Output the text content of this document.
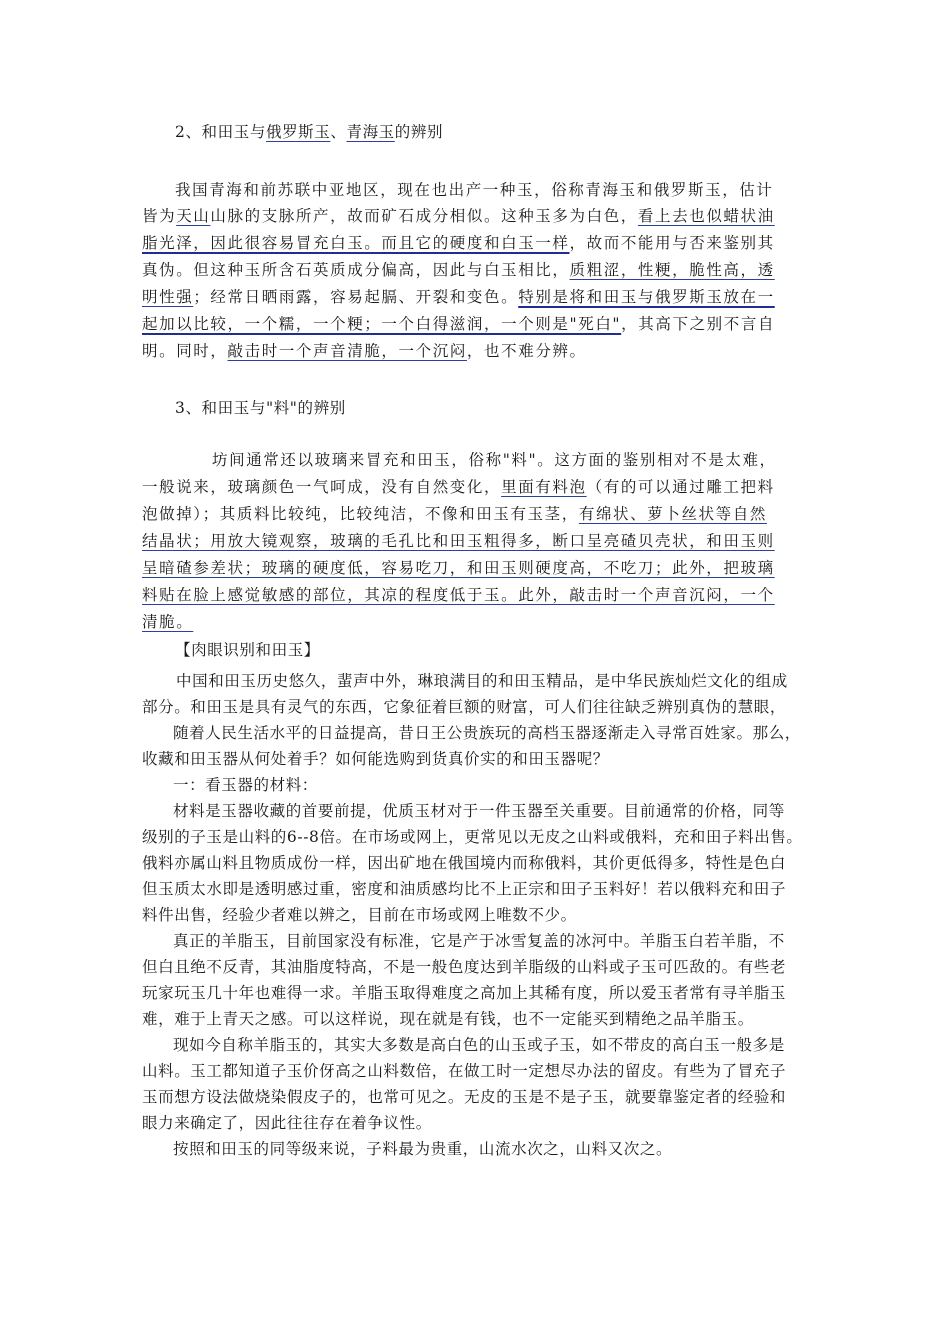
2、和田玉与俄罗斯玉、青海玉的辨别
我国青海和前苏联中亚地区，现在也出产一种玉，俗称青海玉和俄罗斯玉，估计
皆为天山山脉的支脉所产，故而矿石成分相似。这种玉多为白色，看上去也似蜡状油
脂光泽，因此很容易冒充白玉。而且它的硬度和白玉一样，故而不能用与否来鉴别其
真伪。但这种玉所含石英质成分偏高，因此与白玉相比，质粗涩，性粳，脆性高，透
明性强；经常日晒雨露，容易起膈、开裂和变色。特别是将和田玉与俄罗斯玉放在一
起加以比较，一个糯，一个粳；一个白得滋润，一个则是"死白"，其高下之别不言自
明。同时，敲击时一个声音清脆，一个沉闷，也不难分辨。
3、和田玉与"料"的辨别
坊间通常还以玻璃来冒充和田玉，俗称"料"。这方面的鉴别相对不是太难，
一般说来，玻璃颜色一气呵成，没有自然变化，里面有料泡（有的可以通过雕工把料
泡做掉）；其质料比较纯，比较纯洁，不像和田玉有玉茎，有绵状、萝卜丝状等自然
结晶状；用放大镜观察，玻璃的毛孔比和田玉粗得多，断口呈亮碴贝壳状，和田玉则
呈暗碴参差状；玻璃的硬度低，容易吃刀，和田玉则硬度高，不吃刀；此外，把玻璃
料贴在脸上感觉敏感的部位，其凉的程度低于玉。此外，敲击时一个声音沉闷，一个
清脆。
【肉眼识别和田玉】
中国和田玉历史悠久，蜚声中外，琳琅满目的和田玉精品，是中华民族灿烂文化的组成
部分。和田玉是具有灵气的东西，它象征着巨额的财富，可人们往往缺乏辨别真伪的慧眼，
随着人民生活水平的日益提高，昔日王公贵族玩的高档玉器逐渐走入寻常百姓家。那么，
收藏和田玉器从何处着手？如何能选购到货真价实的和田玉器呢？
一：看玉器的材料：
材料是玉器收藏的首要前提，优质玉材对于一件玉器至关重要。目前通常的价格，同等
级别的子玉是山料的6--8倍。在市场或网上，更常见以无皮之山料或俄料，充和田子料出售。
俄料亦属山料且物质成份一样，因出矿地在俄国境内而称俄料，其价更低得多，特性是色白
但玉质太水即是透明感过重，密度和油质感均比不上正宗和田子玉料好！若以俄料充和田子
料件出售，经验少者难以辨之，目前在市场或网上唯数不少。
真正的羊脂玉，目前国家没有标准，它是产于冰雪复盖的冰河中。羊脂玉白若羊脂，不
但白且绝不反青，其油脂度特高，不是一般色度达到羊脂级的山料或子玉可匹敌的。有些老
玩家玩玉几十年也难得一求。羊脂玉取得难度之高加上其稀有度，所以爱玉者常有寻羊脂玉
难，难于上青天之感。可以这样说，现在就是有钱，也不一定能买到精绝之品羊脂玉。
现如今自称羊脂玉的，其实大多数是高白色的山玉或子玉，如不带皮的高白玉一般多是
山料。玉工都知道子玉价伢高之山料数倍，在做工时一定想尽办法的留皮。有些为了冒充子
玉而想方设法做烧染假皮子的，也常可见之。无皮的玉是不是子玉，就要靠鉴定者的经验和
眼力来确定了，因此往往存在着争议性。
按照和田玉的同等级来说，子料最为贵重，山流水次之，山料又次之。
